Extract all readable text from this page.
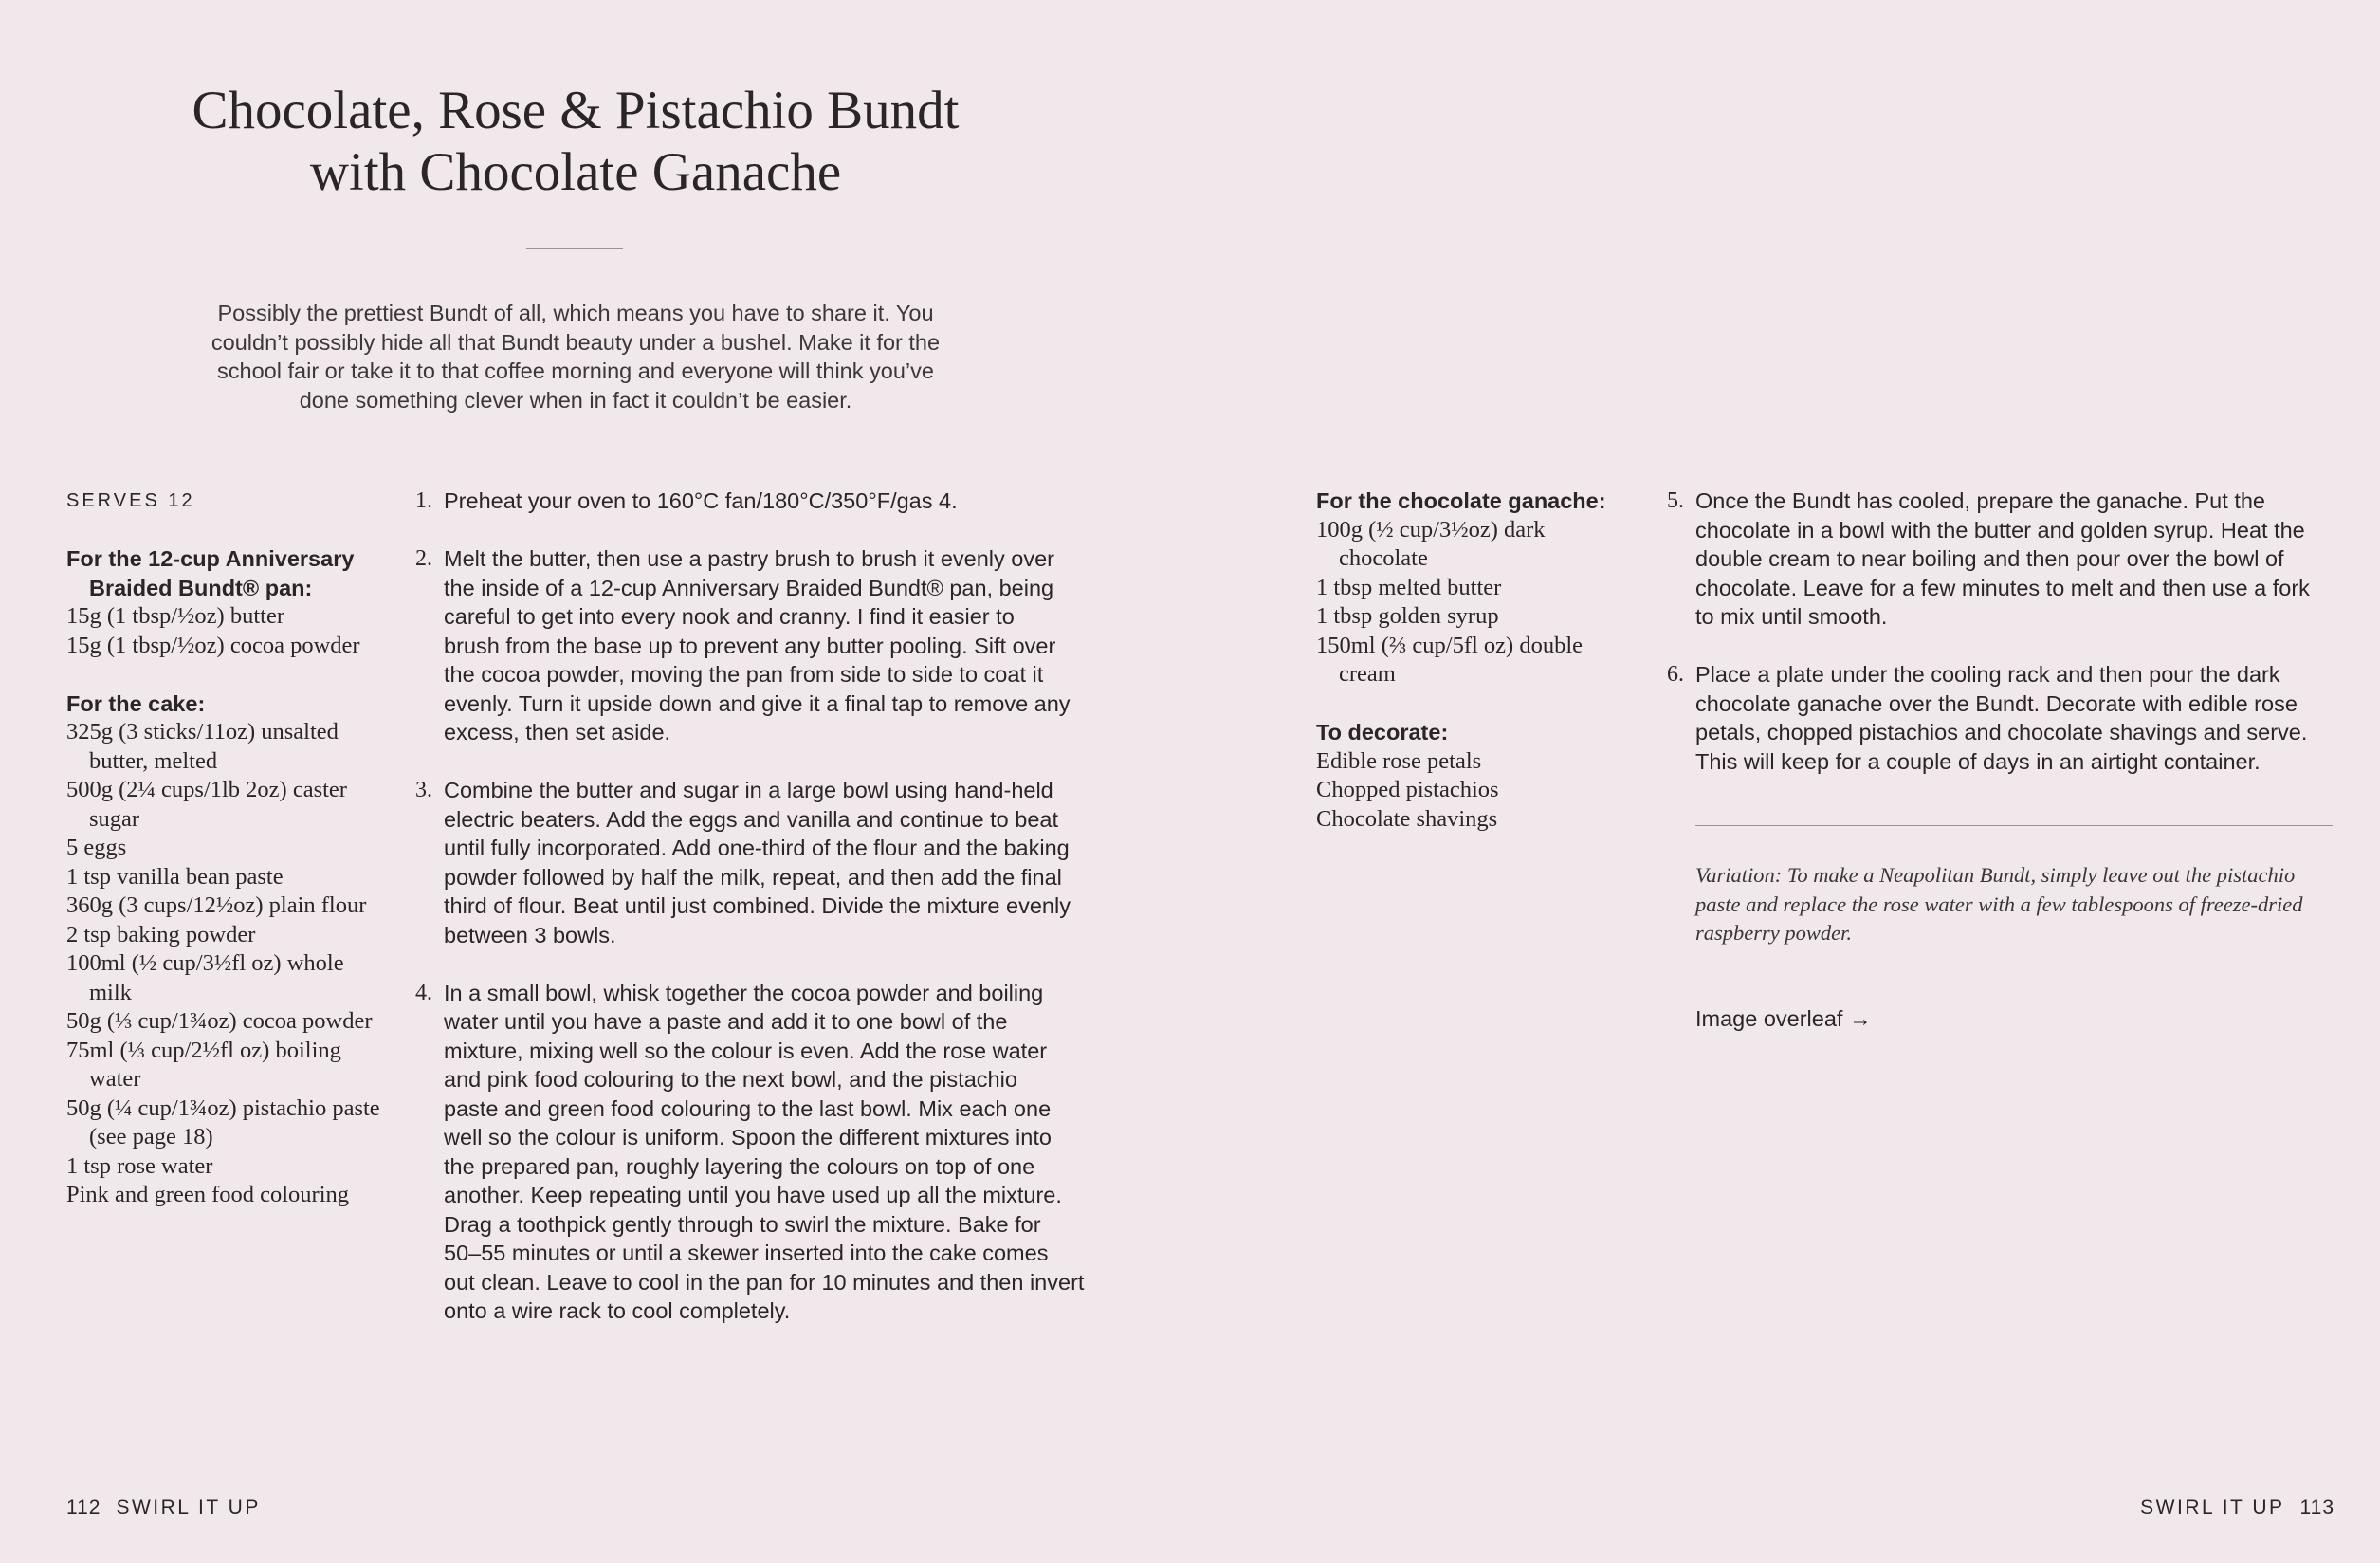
Chocolate, Rose & Pistachio Bundt
with Chocolate Ganache

Possibly the prettiest Bundt of all, which means you have to share it. You
couldn’t possibly hide all that Bundt beauty under a bushel. Make it for the
school fair or take it to that coffee morning and everyone will think you’ve
done something clever when in fact it couldn’t be easier.

SERVES 12

For the 12-cup Anniversary Braided Bundt® pan:

15g (1 tbsp/½oz) butter
15g (1 tbsp/½oz) cocoa powder

For the cake:

325g (3 sticks/11oz) unsalted butter, melted
500g (2¼ cups/1lb 2oz) caster sugar
5 eggs
1 tsp vanilla bean paste
360g (3 cups/12½oz) plain flour
2 tsp baking powder
100ml (½ cup/3½fl oz) whole milk
50g (⅓ cup/1¾oz) cocoa powder
75ml (⅓ cup/2½fl oz) boiling water
50g (¼ cup/1¾oz) pistachio paste (see page 18)
1 tsp rose water
Pink and green food colouring
1. Preheat your oven to 160°C fan/180°C/350°F/gas 4.
2. Melt the butter, then use a pastry brush to brush it evenly over
the inside of a 12-cup Anniversary Braided Bundt® pan, being
careful to get into every nook and cranny. I find it easier to
brush from the base up to prevent any butter pooling. Sift over
the cocoa powder, moving the pan from side to side to coat it
evenly. Turn it upside down and give it a final tap to remove any
excess, then set aside.
3. Combine the butter and sugar in a large bowl using hand-held
electric beaters. Add the eggs and vanilla and continue to beat
until fully incorporated. Add one-third of the flour and the baking
powder followed by half the milk, repeat, and then add the final
third of flour. Beat until just combined. Divide the mixture evenly
between 3 bowls.
4. In a small bowl, whisk together the cocoa powder and boiling
water until you have a paste and add it to one bowl of the
mixture, mixing well so the colour is even. Add the rose water
and pink food colouring to the next bowl, and the pistachio
paste and green food colouring to the last bowl. Mix each one
well so the colour is uniform. Spoon the different mixtures into
the prepared pan, roughly layering the colours on top of one
another. Keep repeating until you have used up all the mixture.
Drag a toothpick gently through to swirl the mixture. Bake for
50–55 minutes or until a skewer inserted into the cake comes
out clean. Leave to cool in the pan for 10 minutes and then invert
onto a wire rack to cool completely.

For the chocolate ganache:

100g (½ cup/3½oz) dark chocolate
1 tbsp melted butter
1 tbsp golden syrup
150ml (⅔ cup/5fl oz) double cream

To decorate:

Edible rose petals
Chopped pistachios
Chocolate shavings
5. Once the Bundt has cooled, prepare the ganache. Put the
chocolate in a bowl with the butter and golden syrup. Heat the
double cream to near boiling and then pour over the bowl of
chocolate. Leave for a few minutes to melt and then use a fork
to mix until smooth.
6. Place a plate under the cooling rack and then pour the dark
chocolate ganache over the Bundt. Decorate with edible rose
petals, chopped pistachios and chocolate shavings and serve.
This will keep for a couple of days in an airtight container.

Variation: To make a Neapolitan Bundt, simply leave out the pistachio
paste and replace the rose water with a few tablespoons of freeze-dried
raspberry powder.

Image overleaf →
112 SWIRL IT UP	SWIRL IT UP 113
